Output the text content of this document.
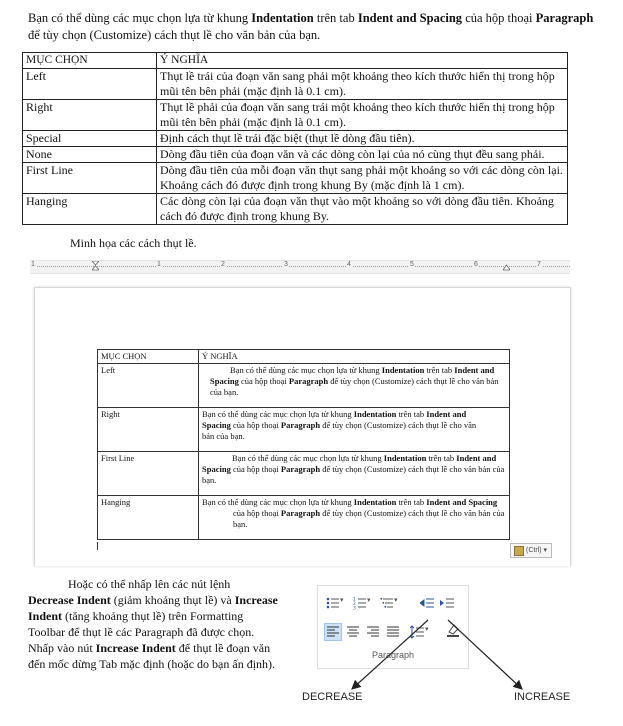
Bạn có thể dùng các mục chọn lựa từ khung Indentation trên tab Indent and Spacing của hộp thoại Paragraph để tùy chọn (Customize) cách thụt lề cho văn bản của bạn.
MỤC CHỌN	Ý NGHĨA
Left	Thụt lề trái của đoạn văn sang phải một khoảng theo kích thước hiển thị trong hộp mũi tên bên phải (mặc định là 0.1 cm).
Right	Thụt lề phải của đoạn văn sang trái một khoảng theo kích thước hiển thị trong hộp mũi tên bên phải (mặc định là 0.1 cm).
Special	Định cách thụt lề trái đặc biệt (thụt lề dòng đầu tiên).
None	Dòng đầu tiên của đoạn văn và các dòng còn lại của nó cùng thụt đều sang phải.
First Line	Dòng đầu tiên của mỗi đoạn văn thụt sang phải một khoảng so với các dòng còn lại. Khoảng cách đó được định trong khung By (mặc định là 1 cm).
Hanging	Các dòng còn lại của đoạn văn thụt vào một khoảng so với dòng đầu tiên. Khoảng cách đó được định trong khung By.
Minh họa các cách thụt lề.
1	1	2	3	4	5	6	7
MỤC CHỌN	Ý NGHĨA
Left	Bạn có thể dùng các mục chọn lựa từ khung Indentation trên tab Indent and Spacing của hộp thoại Paragraph để tùy chọn (Customize) cách thụt lề cho văn bản của bạn.
Right	Bạn có thể dùng các mục chọn lựa từ khung Indentation trên tab Indent and Spacing của hộp thoại Paragraph để tùy chọn (Customize) cách thụt lề cho văn bản của bạn.
First Line	Bạn có thể dùng các mục chọn lựa từ khung Indentation trên tab Indent and Spacing của hộp thoại Paragraph để tùy chọn (Customize) cách thụt lề cho văn bản của bạn.
Hanging	Bạn có thể dùng các mục chọn lựa từ khung Indentation trên tab Indent and Spacing của hộp thoại Paragraph để tùy chọn (Customize) cách thụt lề cho văn bản của bạn.
(Ctrl) ▾
Hoặc có thể nhấp lên các nút lệnh Decrease Indent (giảm khoảng thụt lề) và Increase Indent (tăng khoảng thụt lề) trên Formatting Toolbar để thụt lề các Paragraph đã được chọn. Nhấp vào nút Increase Indent để thụt lề đoạn văn đến mốc dừng Tab mặc định (hoặc do bạn ấn định).
▾	1
2
3
▾	▾
▾
Paragraph
DECREASE	INCREASE
